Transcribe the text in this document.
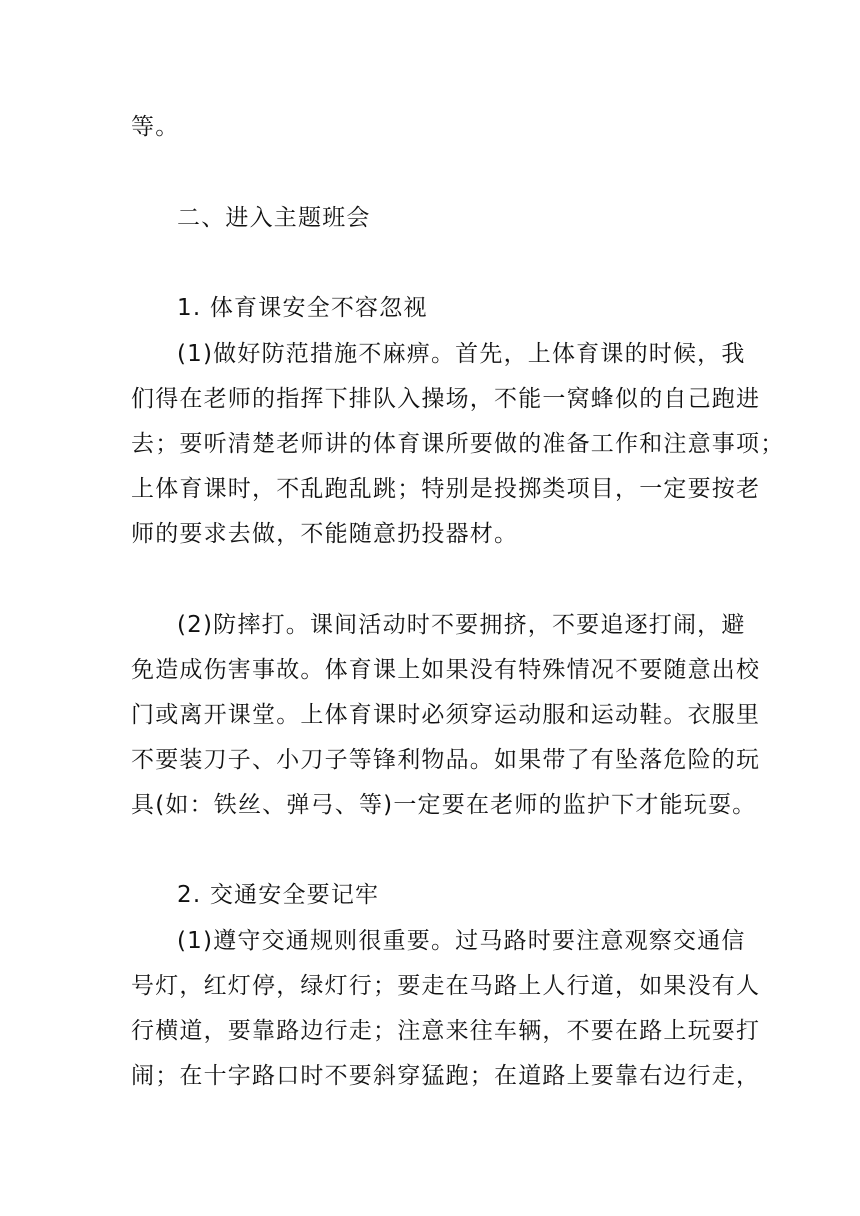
等。
二、进入主题班会
1. 体育课安全不容忽视
(1)做好防范措施不麻痹。首先，上体育课的时候，我
们得在老师的指挥下排队入操场，不能一窝蜂似的自己跑进
去；要听清楚老师讲的体育课所要做的准备工作和注意事项；
上体育课时，不乱跑乱跳；特别是投掷类项目，一定要按老
师的要求去做，不能随意扔投器材。
(2)防摔打。课间活动时不要拥挤，不要追逐打闹，避
免造成伤害事故。体育课上如果没有特殊情况不要随意出校
门或离开课堂。上体育课时必须穿运动服和运动鞋。衣服里
不要装刀子、小刀子等锋利物品。如果带了有坠落危险的玩
具(如：铁丝、弹弓、等)一定要在老师的监护下才能玩耍。
2. 交通安全要记牢
(1)遵守交通规则很重要。过马路时要注意观察交通信
号灯，红灯停，绿灯行；要走在马路上人行道，如果没有人
行横道，要靠路边行走；注意来往车辆，不要在路上玩耍打
闹；在十字路口时不要斜穿猛跑；在道路上要靠右边行走，
